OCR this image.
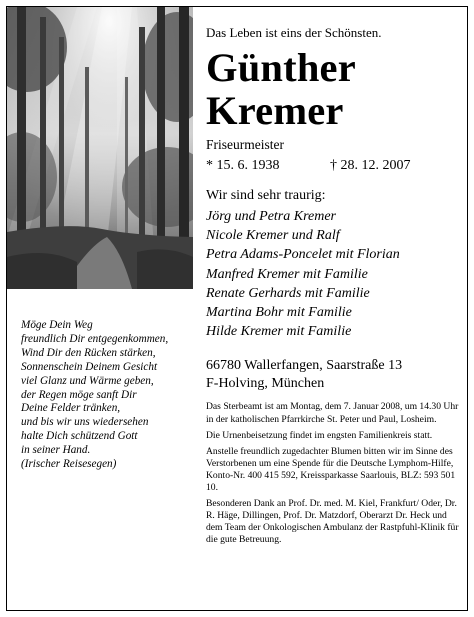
Möge Dein Weg
freundlich Dir entgegenkommen,
Wind Dir den Rücken stärken,
Sonnenschein Deinem Gesicht
viel Glanz und Wärme geben,
der Regen möge sanft Dir
Deine Felder tränken,
und bis wir uns wiedersehen
halte Dich schützend Gott
in seiner Hand.
(Irischer Reisesegen)

Das Leben ist eins der Schönsten.

Günther
Kremer

Friseurmeister

* 15. 6. 1938	† 28. 12. 2007

Wir sind sehr traurig:

Jörg und Petra Kremer
Nicole Kremer und Ralf
Petra Adams-Poncelet mit Florian
Manfred Kremer mit Familie
Renate Gerhards mit Familie
Martina Bohr mit Familie
Hilde Kremer mit Familie
66780 Wallerfangen, Saarstraße 13
F-Holving, München

Das Sterbeamt ist am Montag, dem 7. Januar 2008, um 14.30 Uhr in der katholischen Pfarrkirche St. Peter und Paul, Losheim.

Die Urnenbeisetzung findet im engsten Familienkreis statt.

Anstelle freundlich zugedachter Blumen bitten wir im Sinne des Verstorbenen um eine Spende für die Deutsche Lymphom-Hilfe, Konto-Nr. 400 415 592, Kreissparkasse Saarlouis, BLZ: 593 501 10.

Besonderen Dank an Prof. Dr. med. M. Kiel, Frankfurt/ Oder, Dr. R. Häge, Dillingen, Prof. Dr. Matzdorf, Oberarzt Dr. Heck und dem Team der Onkologischen Ambulanz der Rastpfuhl-Klinik für die gute Betreuung.
